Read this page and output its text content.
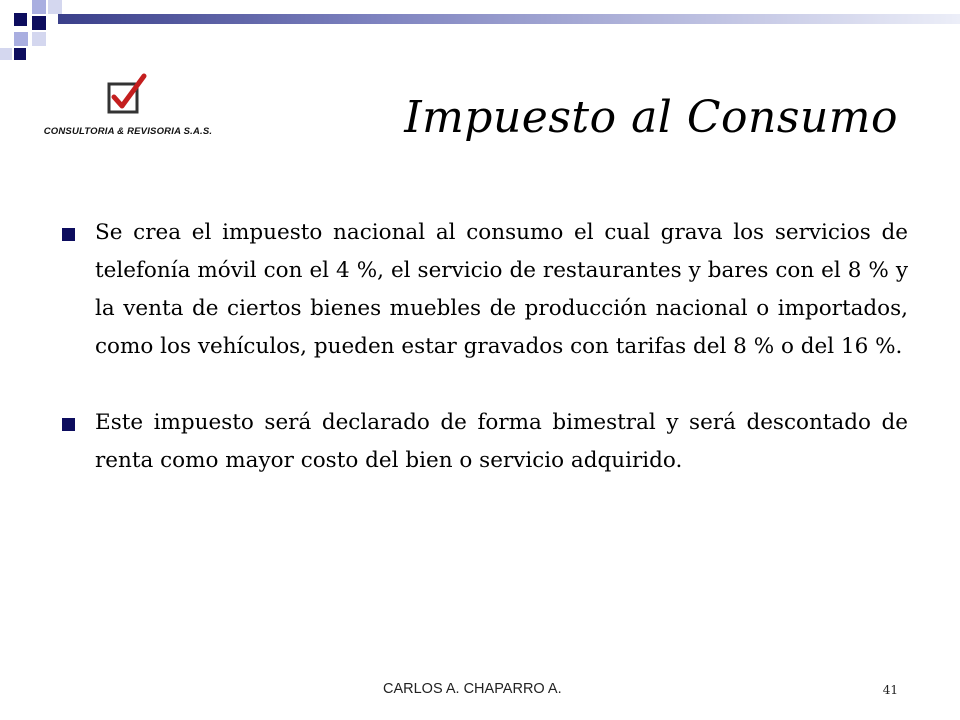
CONSULTORIA & REVISORIA S.A.S.	Impuesto al Consumo
Se crea el impuesto nacional al consumo el cual grava los servicios de telefonía móvil con el 4 %, el servicio de restaurantes y bares con el 8 % y la venta de ciertos bienes muebles de producción nacional o importados, como los vehículos, pueden estar gravados con tarifas del 8 % o del 16 %.
Este impuesto será declarado de forma bimestral y será descontado de renta como mayor costo del bien o servicio adquirido.
CARLOS A. CHAPARRO A.	41
